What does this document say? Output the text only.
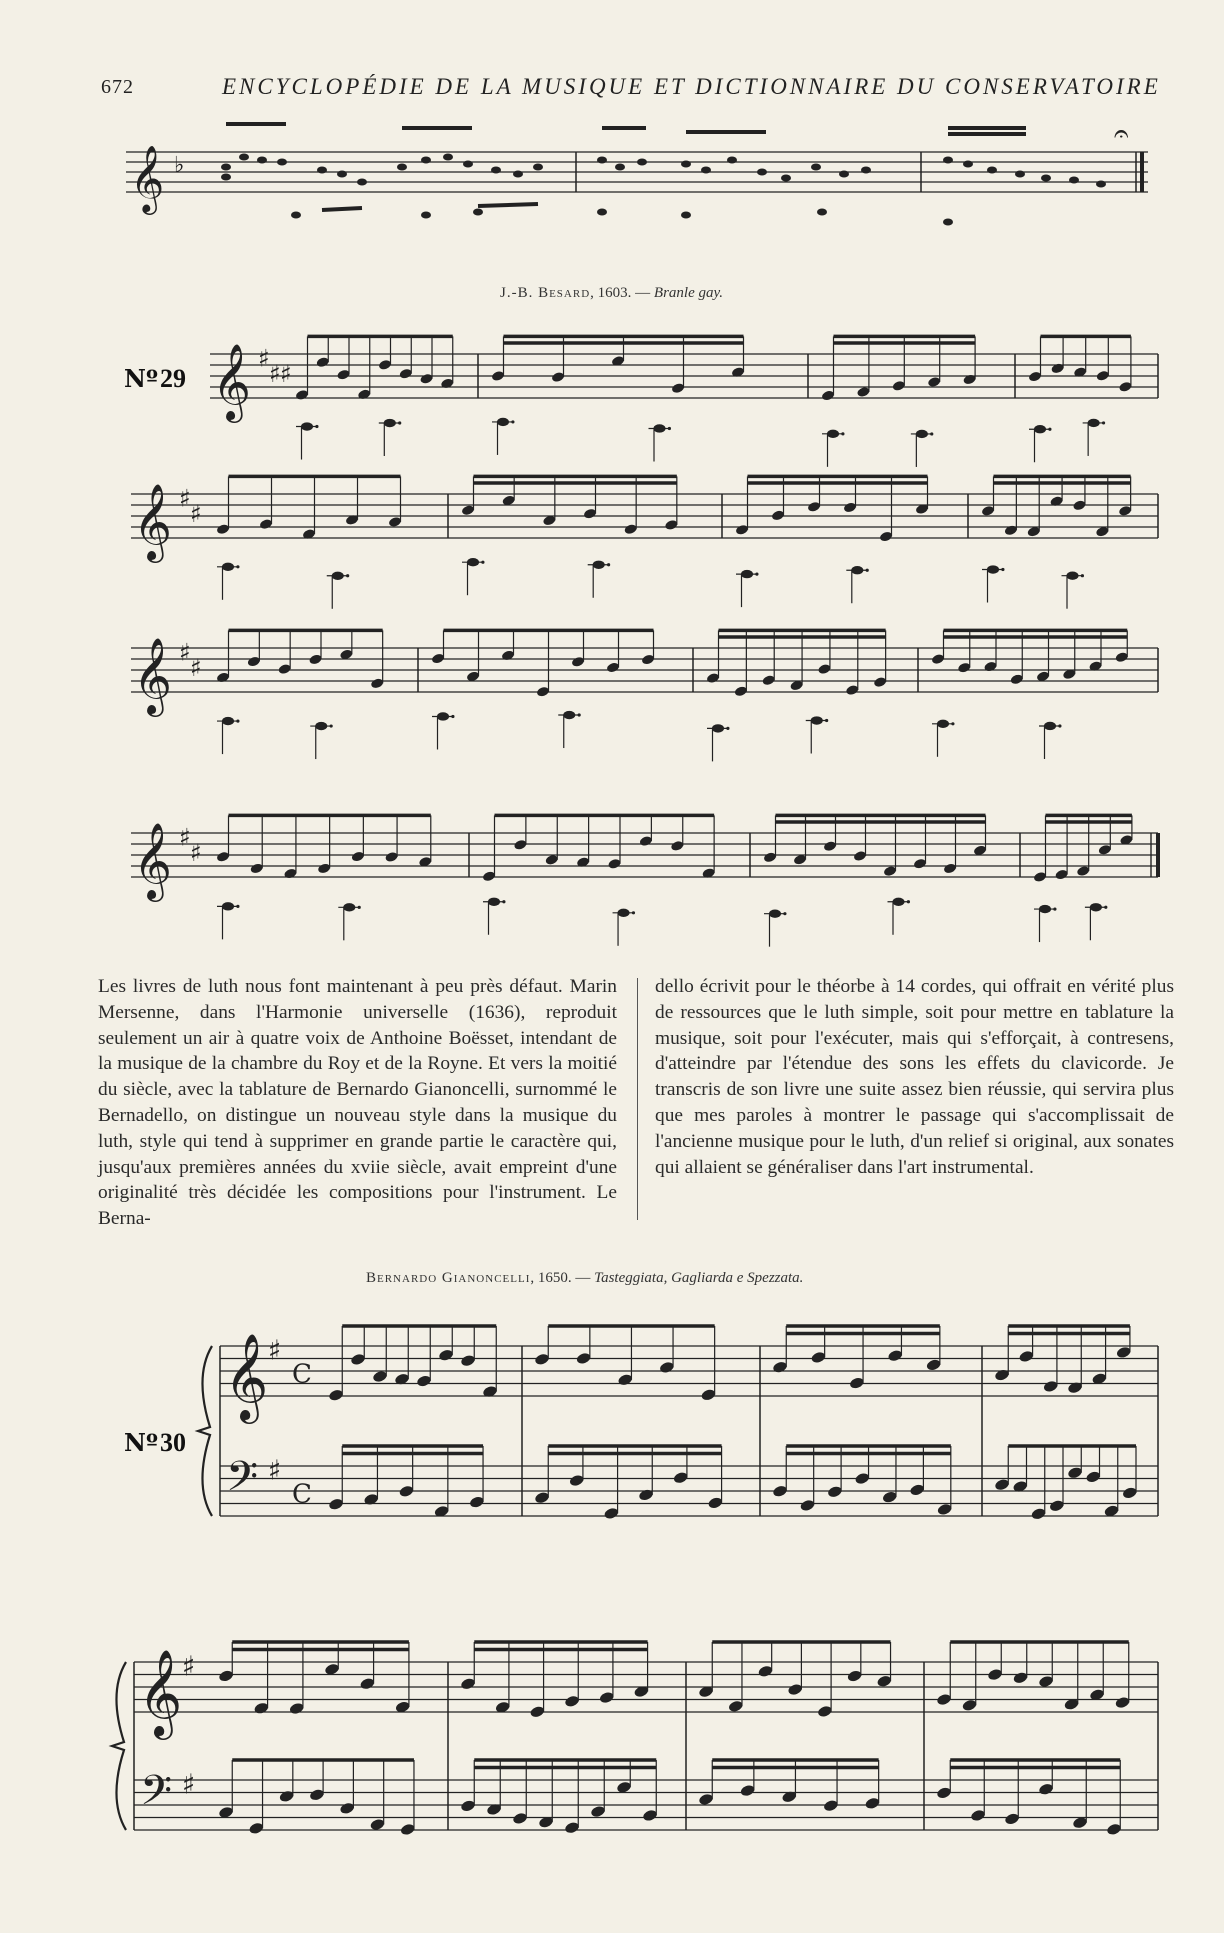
672	ENCYCLOPÉDIE DE LA MUSIQUE ET DICTIONNAIRE DU CONSERVATOIRE
𝄞 ♭
𝄐
J.-B. Besard, 1603. — Branle gay.
Nº29 𝄞 ♯
♯ ♯
𝄞 ♯
♯
𝄞 ♯
♯
𝄞 ♯
♯

Les livres de luth nous font maintenant à peu près défaut. Marin Mersenne, dans l'Harmonie universelle (1636), reproduit seulement un air à quatre voix de Anthoine Boësset, intendant de la musique de la chambre du Roy et de la Royne. Et vers la moitié du siècle, avec la tablature de Bernardo Gianoncelli, surnommé le Bernadello, on distingue un nouveau style dans la musique du luth, style qui tend à supprimer en grande partie le caractère qui, jusqu'aux premières années du xviie siècle, avait empreint d'une originalité très décidée les compositions pour l'instrument. Le Berna-

dello écrivit pour le théorbe à 14 cordes, qui offrait en vérité plus de ressources que le luth simple, soit pour mettre en tablature la musique, soit pour l'exécuter, mais qui s'efforçait, à contresens, d'atteindre par l'étendue des sons les effets du clavicorde. Je transcris de son livre une suite assez bien réussie, qui servira plus que mes paroles à montrer le passage qui s'accomplissait de l'ancienne musique pour le luth, d'un relief si original, aux sonates qui allaient se généraliser dans l'art instrumental.

Bernardo Gianoncelli, 1650. — Tasteggiata, Gagliarda e Spezzata.
Nº30
𝄞
𝄢
♯
♯
C
C
𝄞
𝄢
♯
♯
